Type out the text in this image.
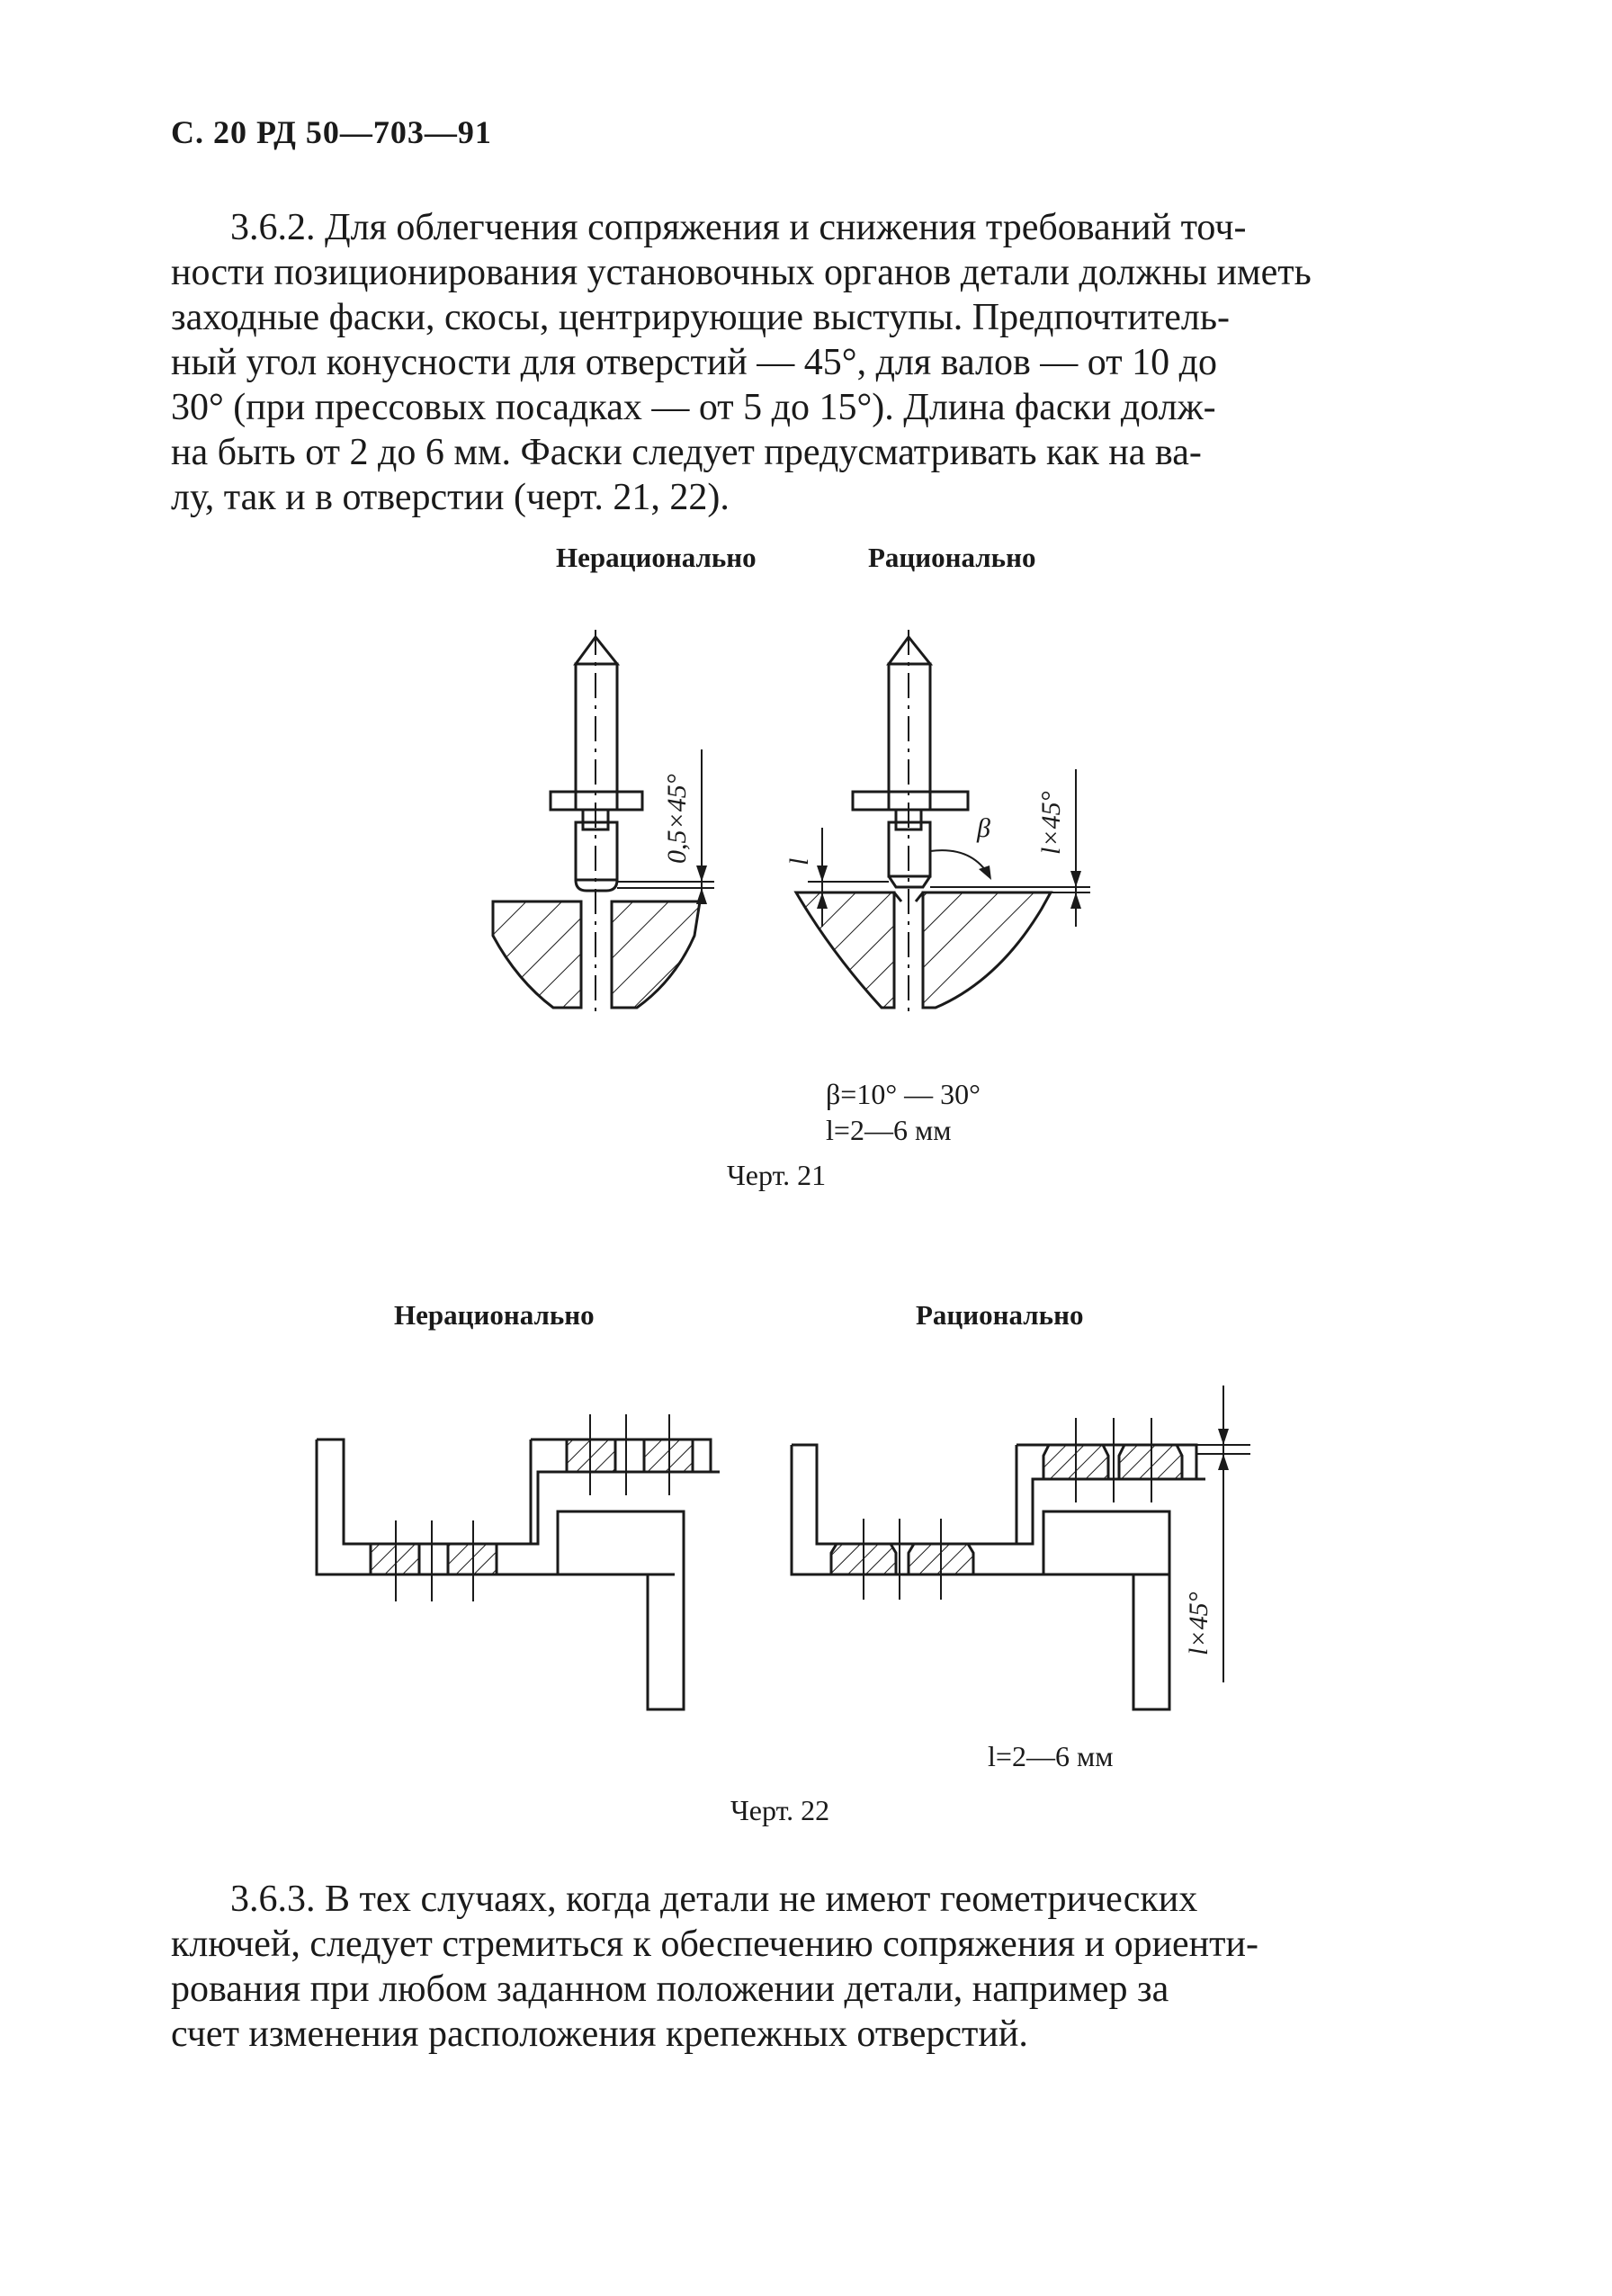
С. 20 РД 50—703—91
3.6.2. Для облегчения сопряжения и снижения требований точ-
ности позиционирования установочных органов детали должны иметь
заходные фаски, скосы, центрирующие выступы. Предпочтитель-
ный угол конусности для отверстий — 45°, для валов — от 10 до
30° (при прессовых посадках — от 5 до 15°). Длина фаски долж-
на быть от 2 до 6 мм. Фаски следует предусматривать как на ва-
лу, так и в отверстии (черт. 21, 22).
Нерационально	Рационально
0,5×45°	l
β l×45°
β=10° — 30°
l=2—6 мм
Черт. 21
Нерационально	Рационально
l×45°
l=2—6 мм
Черт. 22
3.6.3. В тех случаях, когда детали не имеют геометрических
ключей, следует стремиться к обеспечению сопряжения и ориенти-
рования при любом заданном положении детали, например за
счет изменения расположения крепежных отверстий.
